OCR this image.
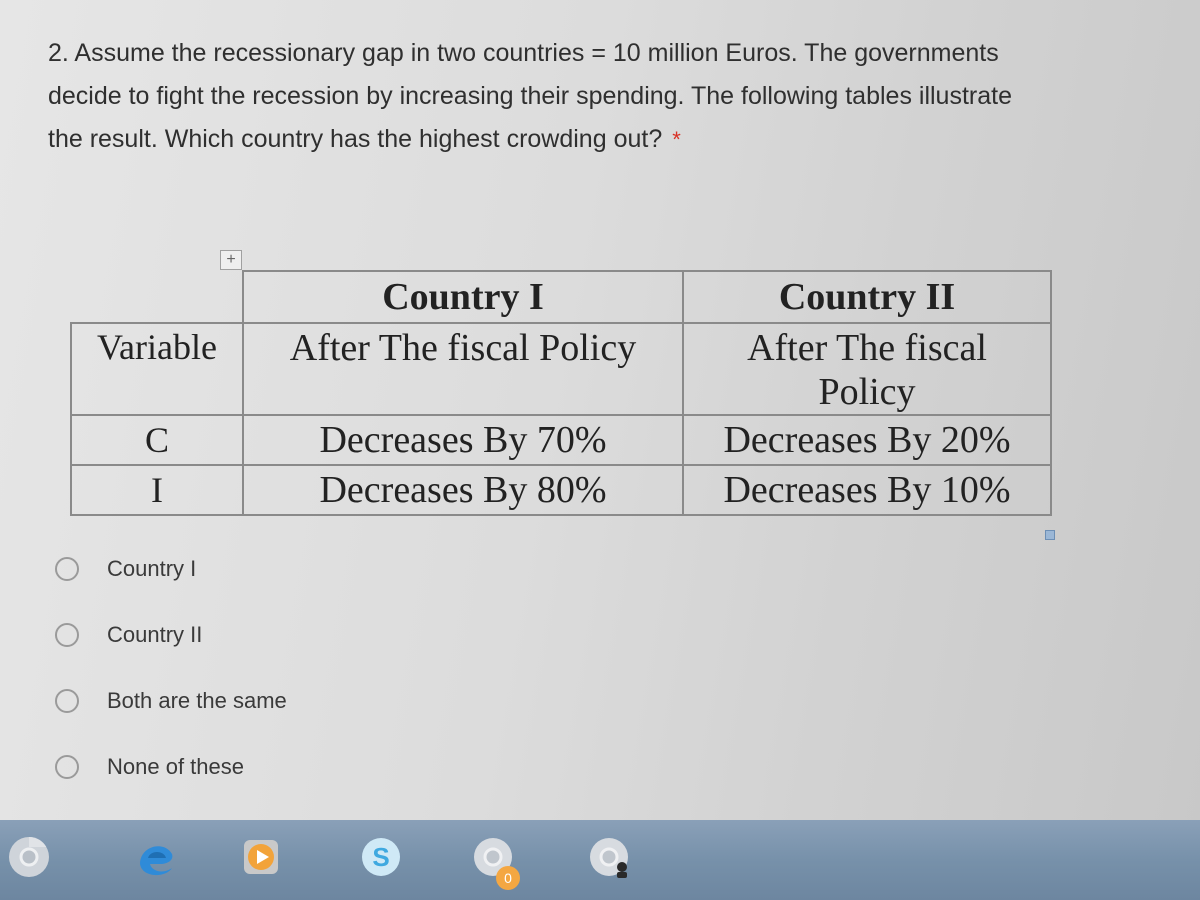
2. Assume the recessionary gap in two countries = 10 million Euros. The governments decide to fight the recession by increasing their spending. The following tables illustrate the result. Which country has the highest crowding out? *
+
	Country I	Country II
Variable	After The fiscal Policy	After The fiscal Policy
C	Decreases By 70%	Decreases By 20%
I	Decreases By 80%	Decreases By 10%
Country I
Country II
Both are the same
None of these
S
0
